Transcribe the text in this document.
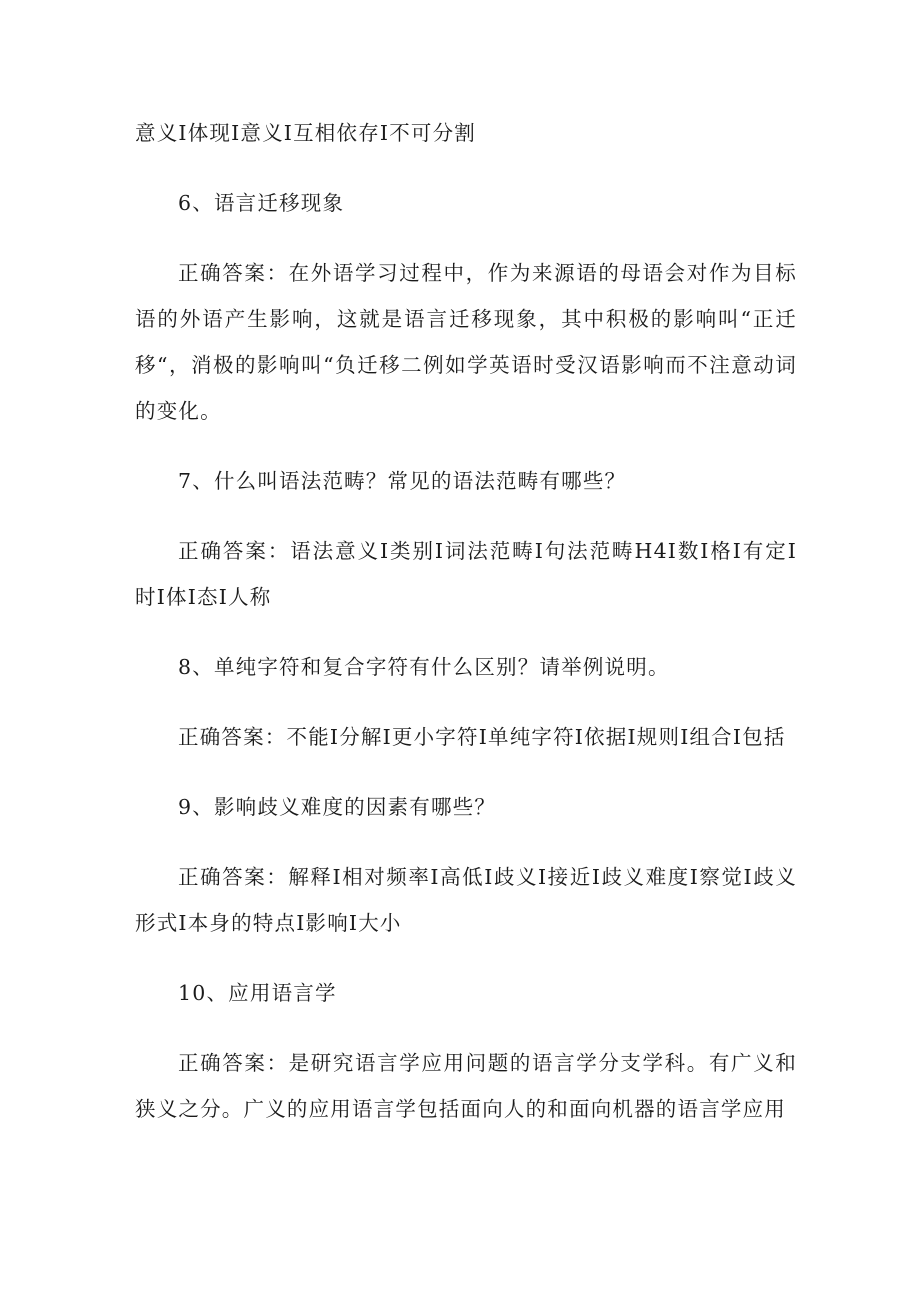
意义I体现I意义I互相依存I不可分割

6、语言迁移现象

正确答案：在外语学习过程中，作为来源语的母语会对作为目标语的外语产生影响，这就是语言迁移现象，其中积极的影响叫“正迁移“，消极的影响叫“负迁移二例如学英语时受汉语影响而不注意动词的变化。

7、什么叫语法范畴？常见的语法范畴有哪些？

正确答案：语法意义I类别I词法范畴I句法范畴H4I数I格I有定I时I体I态I人称

8、单纯字符和复合字符有什么区别？请举例说明。

正确答案：不能I分解I更小字符I单纯字符I依据I规则I组合I包括

9、影响歧义难度的因素有哪些？

正确答案：解释I相对频率I高低I歧义I接近I歧义难度I察觉I歧义形式I本身的特点I影响I大小

10、应用语言学

正确答案：是研究语言学应用问题的语言学分支学科。有广义和狭义之分。广义的应用语言学包括面向人的和面向机器的语言学应用
